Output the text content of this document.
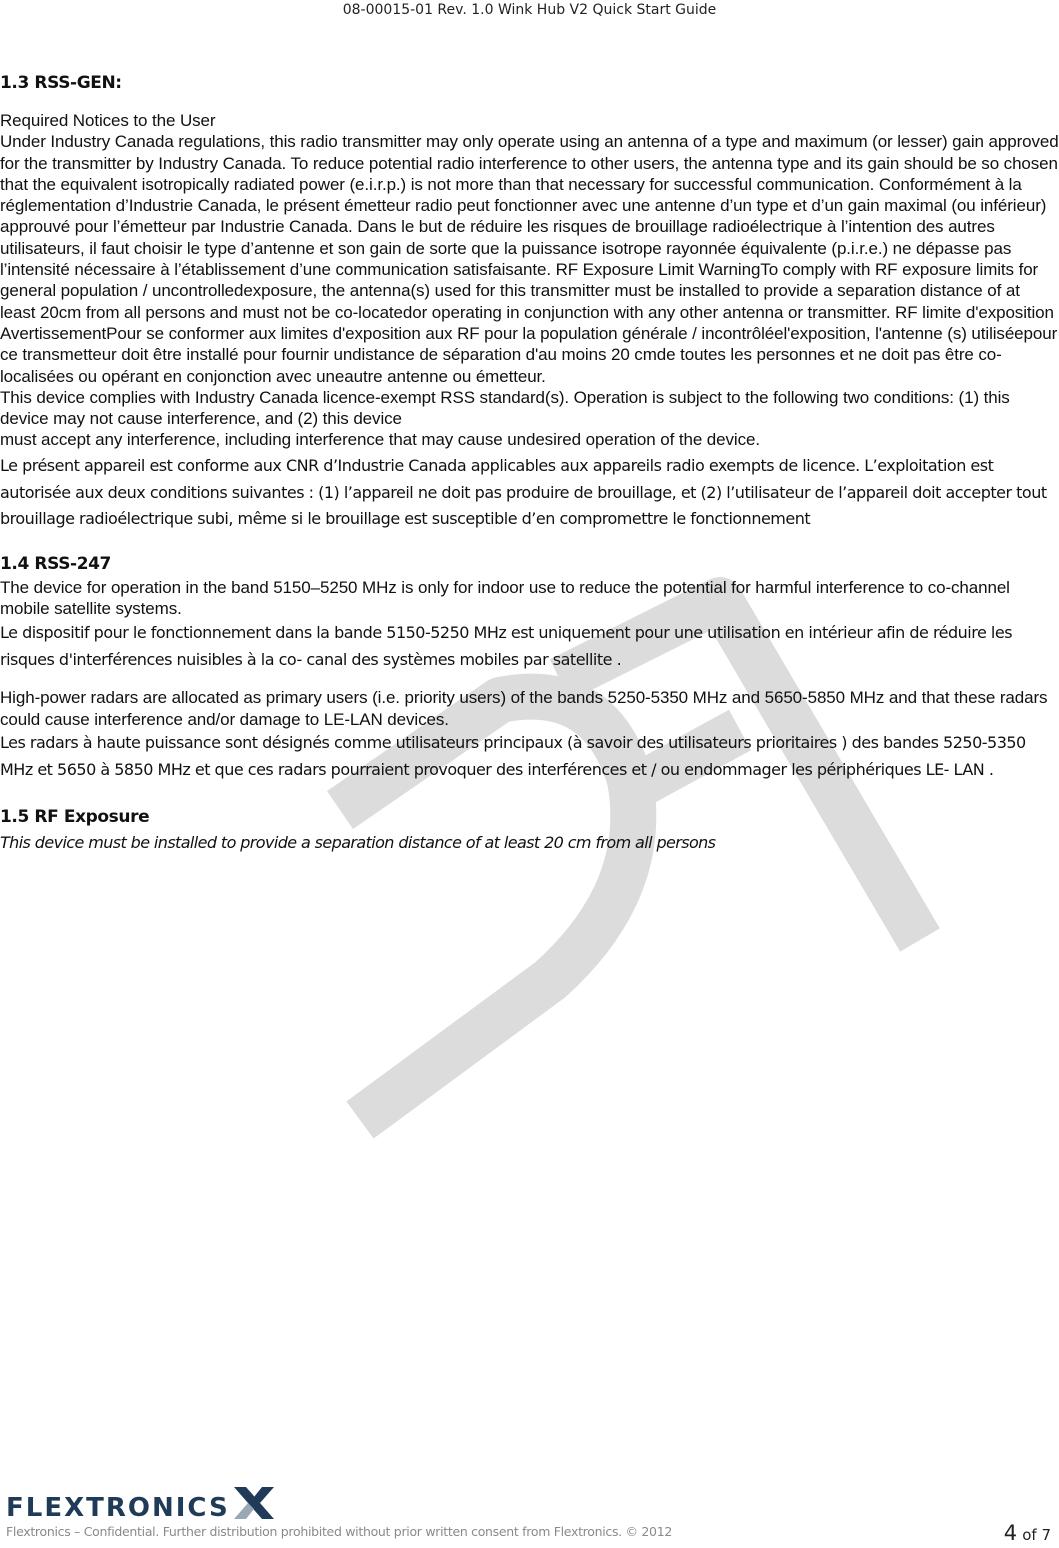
08-00015-01 Rev. 1.0 Wink Hub V2 Quick Start Guide
1.3 RSS-GEN:

Required Notices to the User

Under Industry Canada regulations, this radio transmitter may only operate using an antenna of a type and maximum (or lesser) gain approved for the transmitter by Industry Canada. To reduce potential radio interference to other users, the antenna type and its gain should be so chosen that the equivalent isotropically radiated power (e.i.r.p.) is not more than that necessary for successful communication. Conformément à la réglementation d’Industrie Canada, le présent émetteur radio peut fonctionner avec une antenne d’un type et d’un gain maximal (ou inférieur) approuvé pour l’émetteur par Industrie Canada. Dans le but de réduire les risques de brouillage radioélectrique à l’intention des autres utilisateurs, il faut choisir le type d’antenne et son gain de sorte que la puissance isotrope rayonnée équivalente (p.i.r.e.) ne dépasse pas l’intensité nécessaire à l’établissement d’une communication satisfaisante. RF Exposure Limit WarningTo comply with RF exposure limits for general population / uncontrolledexposure, the antenna(s) used for this transmitter must be installed to provide a separation distance of at least 20cm from all persons and must not be co-locatedor operating in conjunction with any other antenna or transmitter. RF limite d'exposition AvertissementPour se conformer aux limites d'exposition aux RF pour la population générale / incontrôléel'exposition, l'antenne (s) utiliséepour ce transmetteur doit être installé pour fournir undistance de séparation d'au moins 20 cmde toutes les personnes et ne doit pas être co-localisées ou opérant en conjonction avec uneautre antenne ou émetteur.

This device complies with Industry Canada licence-exempt RSS standard(s). Operation is subject to the following two conditions: (1) this device may not cause interference, and (2) this device

must accept any interference, including interference that may cause undesired operation of the device.

Le présent appareil est conforme aux CNR d’Industrie Canada applicables aux appareils radio exempts de licence. L’exploitation est autorisée aux deux conditions suivantes : (1) l’appareil ne doit pas produire de brouillage, et (2) l’utilisateur de l’appareil doit accepter tout brouillage radioélectrique subi, même si le brouillage est susceptible d’en compromettre le fonctionnement

1.4 RSS-247

The device for operation in the band 5150–5250 MHz is only for indoor use to reduce the potential for harmful interference to co-channel mobile satellite systems.

Le dispositif pour le fonctionnement dans la bande 5150-5250 MHz est uniquement pour une utilisation en intérieur afin de réduire les risques d'interférences nuisibles à la co- canal des systèmes mobiles par satellite .

High-power radars are allocated as primary users (i.e. priority users) of the bands 5250-5350 MHz and 5650-5850 MHz and that these radars could cause interference and/or damage to LE-LAN devices.

Les radars à haute puissance sont désignés comme utilisateurs principaux (à savoir des utilisateurs prioritaires ) des bandes 5250-5350 MHz et 5650 à 5850 MHz et que ces radars pourraient provoquer des interférences et / ou endommager les périphériques LE- LAN .

1.5 RF Exposure

This device must be installed to provide a separation distance of at least 20 cm from all persons

FLEXTRONICS
Flextronics – Confidential. Further distribution prohibited without prior written consent from Flextronics. © 2012	4 of 7
